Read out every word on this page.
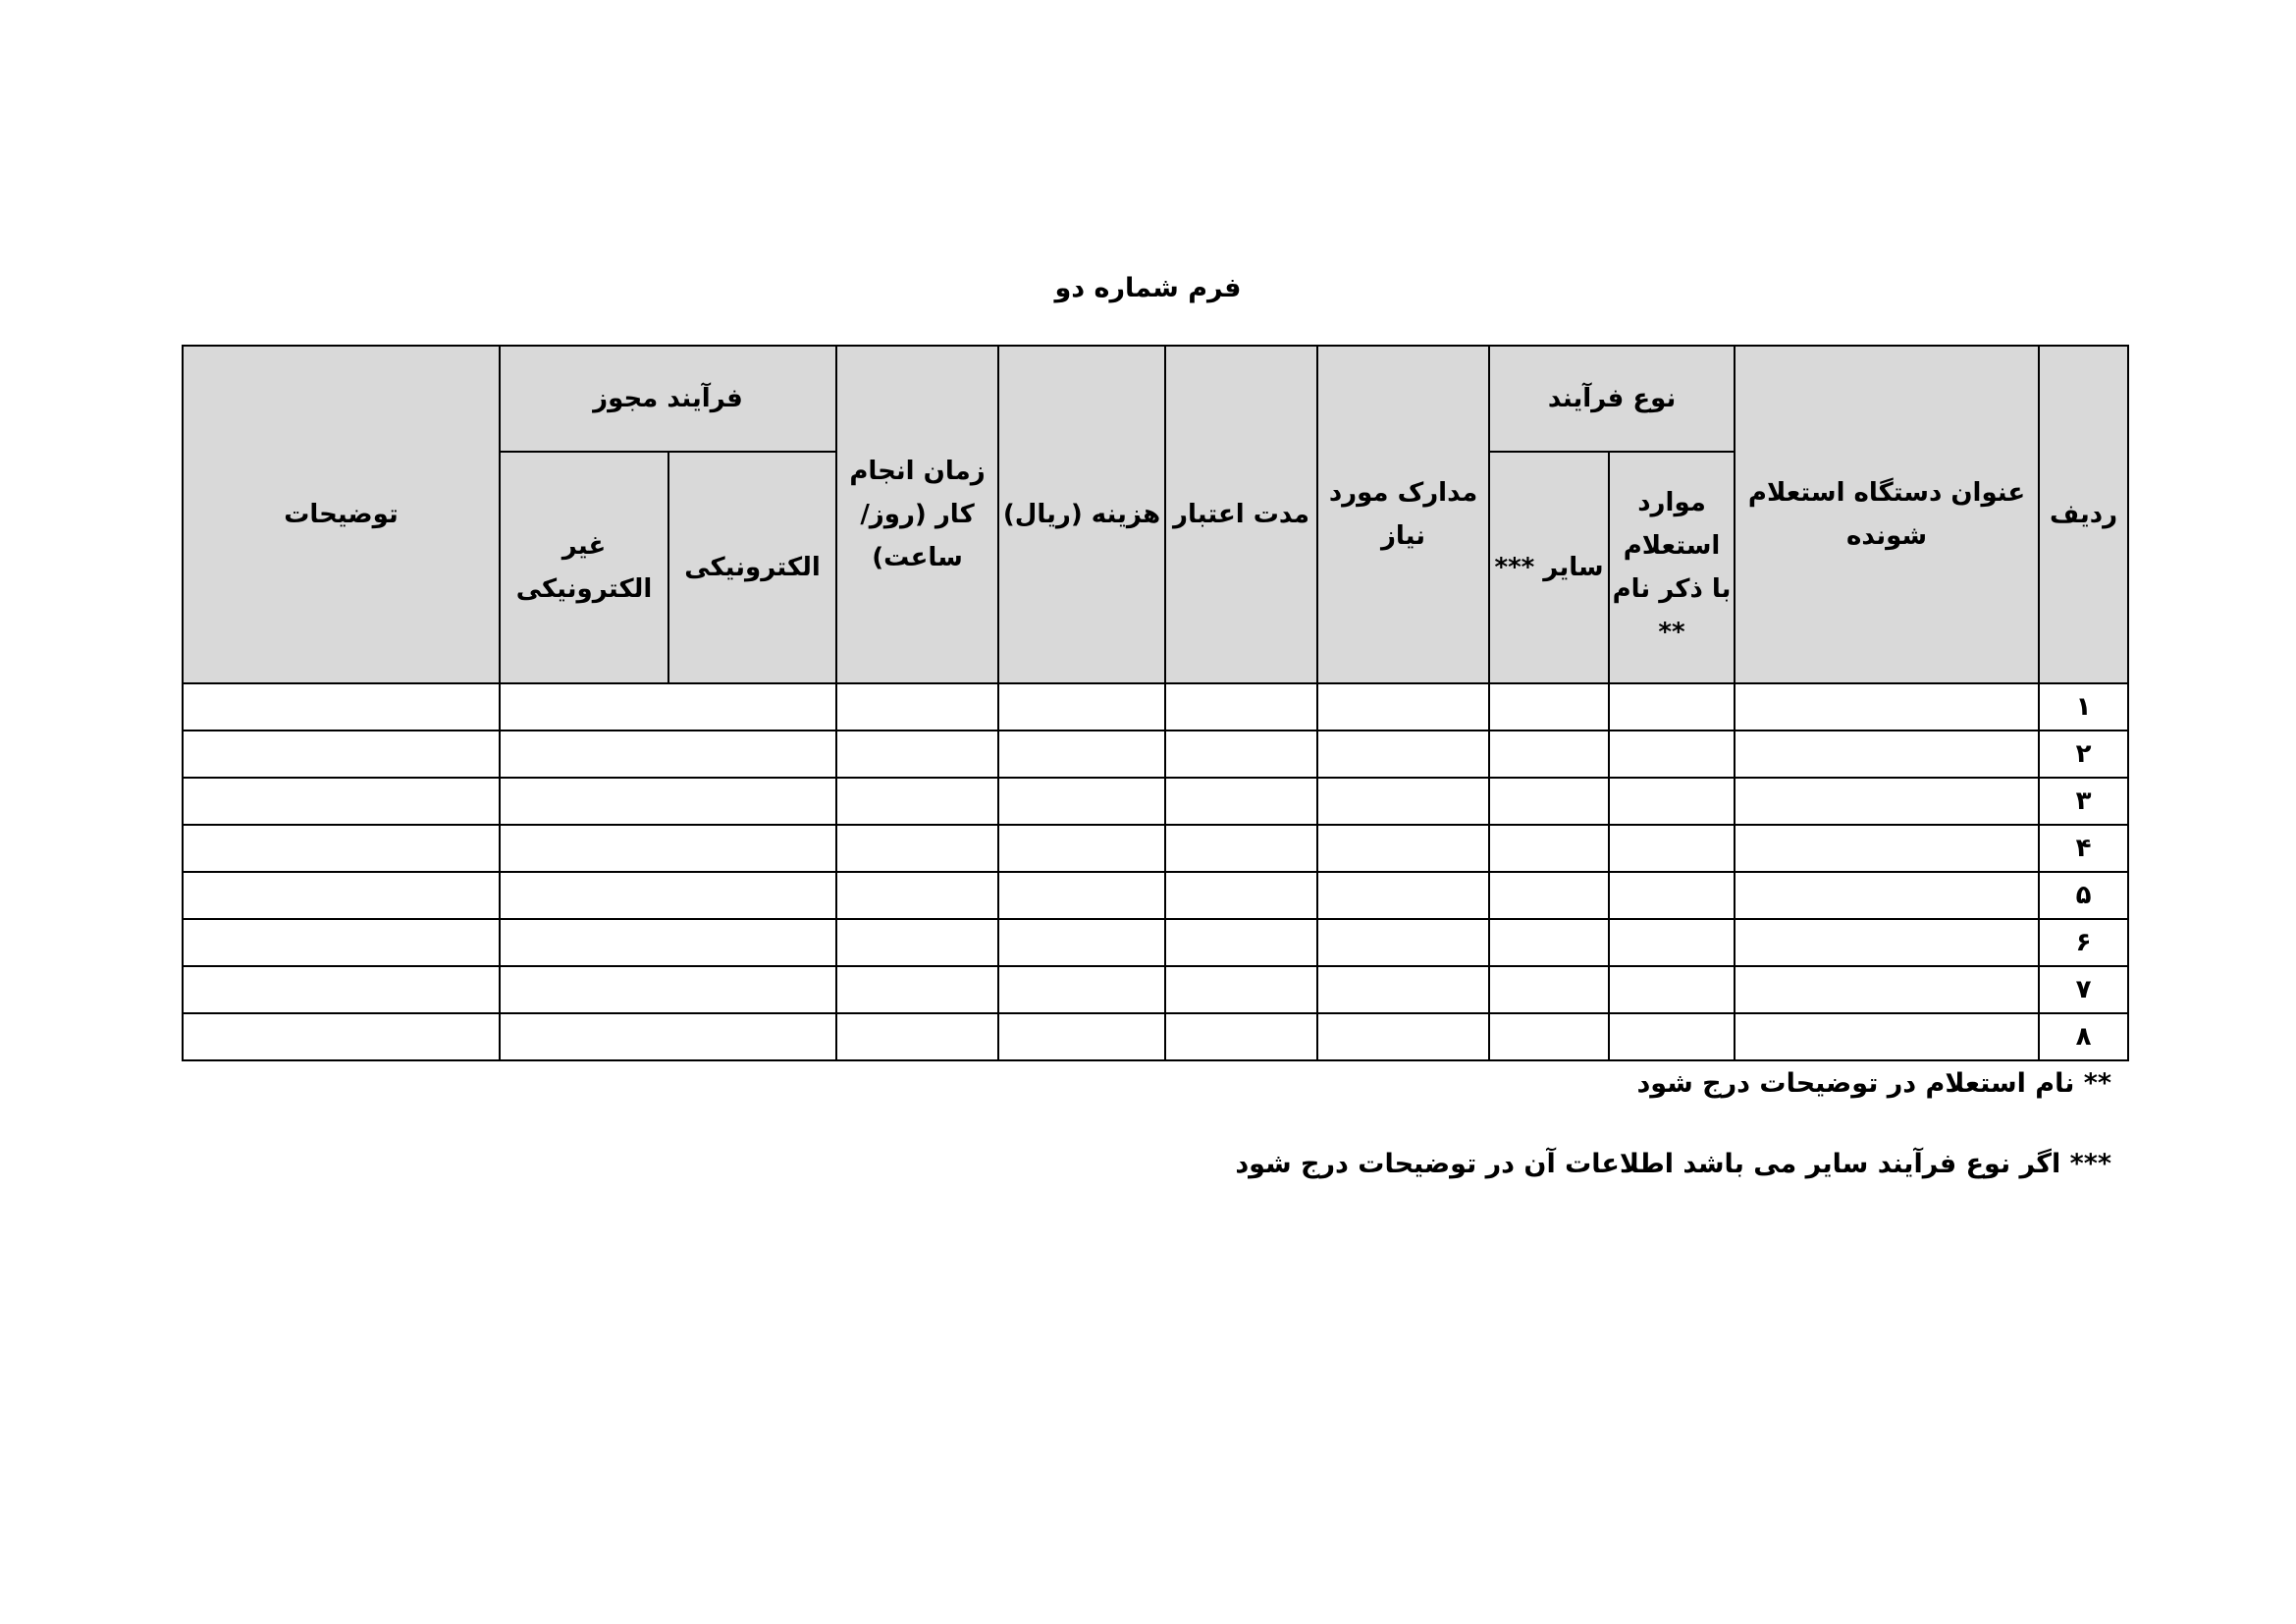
فرم شماره دو
ردیف	عنوان دستگاه استعلام شونده	نوع فرآیند		مدارک مورد نیاز	مدت اعتبار	هزینه (ریال)	زمان انجام کار (روز/ ساعت)	فرآیند مجوز		توضیحات
		موارد استعلام با ذکر نام **	سایر ***					الکترونیکی	غیر الکترونیکی	
۱										
۲										
۳										
۴										
۵										
۶										
۷										
۸										
** نام استعلام در توضیحات درج شود
*** اگر نوع فرآیند سایر می باشد اطلاعات آن در توضیحات درج شود
